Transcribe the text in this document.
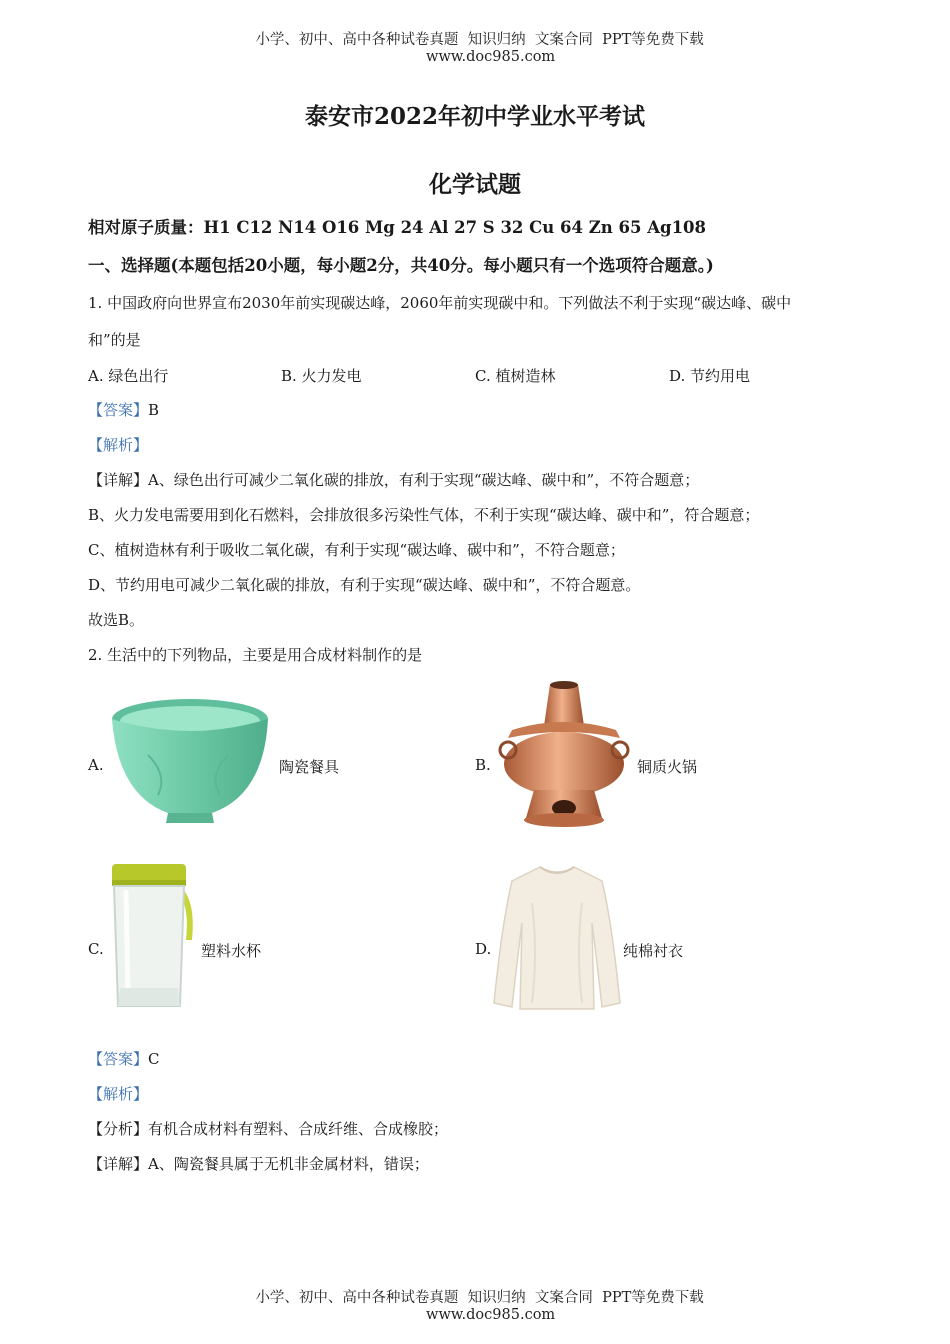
小学、初中、高中各种试卷真题  知识归纳  文案合同  PPT等免费下载
www.doc985.com

泰安市2022年初中学业水平考试
化学试题
相对原子质量：H1 C12 N14 O16 Mg 24 Al 27 S 32 Cu 64 Zn 65 Ag108
一、选择题(本题包括20小题，每小题2分，共40分。每小题只有一个选项符合题意。)
1. 中国政府向世界宣布2030年前实现碳达峰，2060年前实现碳中和。下列做法不利于实现“碳达峰、碳中
和”的是
A. 绿色出行	B. 火力发电	C. 植树造林	D. 节约用电
【答案】B
【解析】
【详解】A、绿色出行可减少二氧化碳的排放，有利于实现“碳达峰、碳中和”，不符合题意；
B、火力发电需要用到化石燃料，会排放很多污染性气体，不利于实现“碳达峰、碳中和”，符合题意；
C、植树造林有利于吸收二氧化碳，有利于实现“碳达峰、碳中和”，不符合题意；
D、节约用电可减少二氧化碳的排放，有利于实现“碳达峰、碳中和”，不符合题意。
故选B。
2. 生活中的下列物品，主要是用合成材料制作的是
A.	陶瓷餐具	B.	铜质火锅
C.	塑料水杯	D.	纯棉衬衣
【答案】C
【解析】
【分析】有机合成材料有塑料、合成纤维、合成橡胶；
【详解】A、陶瓷餐具属于无机非金属材料，错误；

小学、初中、高中各种试卷真题  知识归纳  文案合同  PPT等免费下载
www.doc985.com
